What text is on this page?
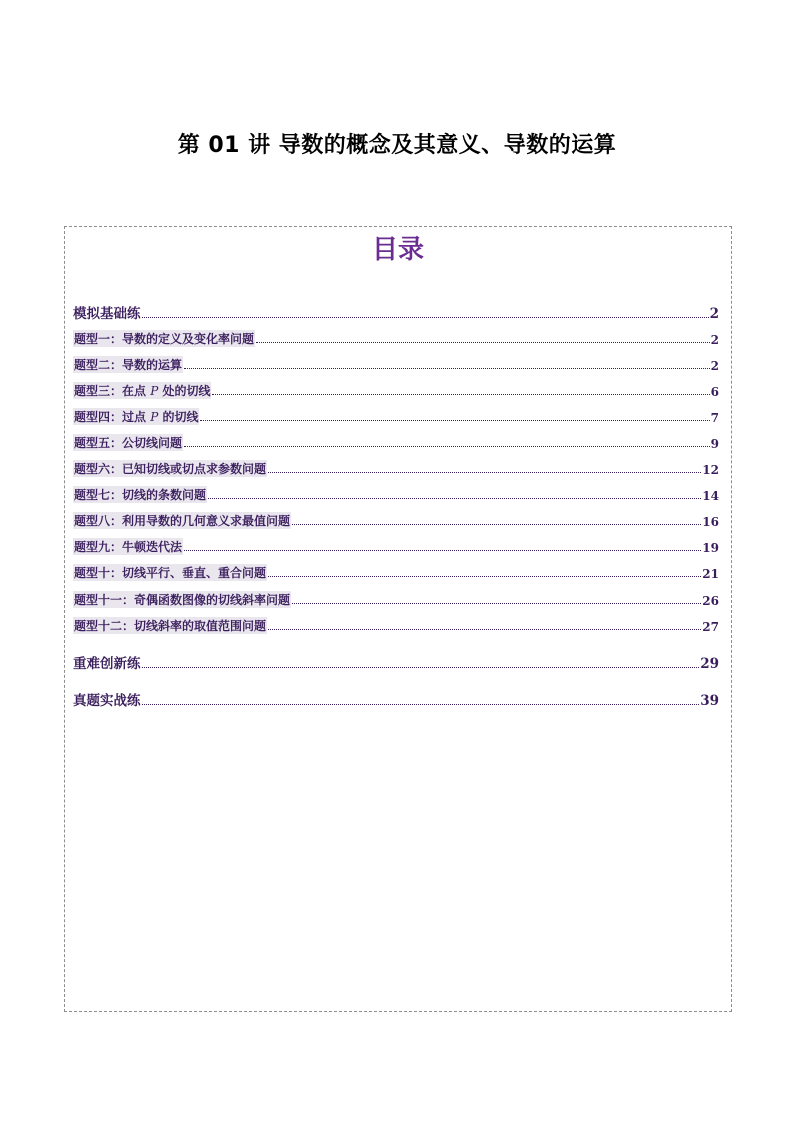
第 01 讲 导数的概念及其意义、导数的运算
目录
模拟基础练	2
题型一：导数的定义及变化率问题	2
题型二：导数的运算	2
题型三：在点 P 处的切线	6
题型四：过点 P 的切线	7
题型五：公切线问题	9
题型六：已知切线或切点求参数问题	12
题型七：切线的条数问题	14
题型八：利用导数的几何意义求最值问题	16
题型九：牛顿迭代法	19
题型十：切线平行、垂直、重合问题	21
题型十一：奇偶函数图像的切线斜率问题	26
题型十二：切线斜率的取值范围问题	27
重难创新练	29
真题实战练	39
